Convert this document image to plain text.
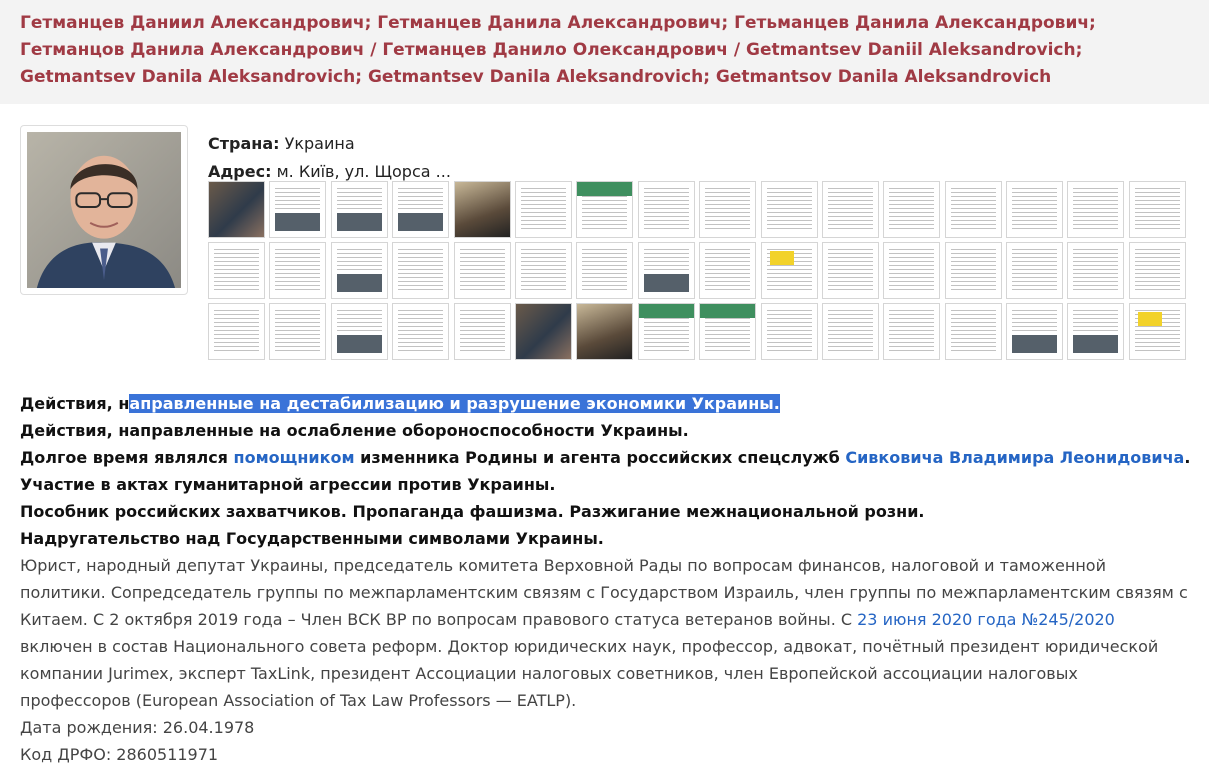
Гетманцев Даниил Александрович; Гетманцев Данила Александрович; Гетьманцев Данила Александрович; Гетманцов Данила Александрович / Гетманцев Данило Олександрович / Getmantsev Daniil Aleksandrovich; Getmantsev Danila Aleksandrovich; Getmantsev Danila Aleksandrovich; Getmantsov Danila Aleksandrovich
Страна: Украина
Адрес: м. Київ, ул. Щорса ...
Действия, направленные на дестабилизацию и разрушение экономики Украины.
Действия, направленные на ослабление обороноспособности Украины.
Долгое время являлся помощником изменника Родины и агента российских спецслужб Сивковича Владимира Леонидовича.
Участие в актах гуманитарной агрессии против Украины.
Пособник российских захватчиков. Пропаганда фашизма. Разжигание межнациональной розни.
Надругательство над Государственными символами Украины.

Юрист, народный депутат Украины, председатель комитета Верховной Рады по вопросам финансов, налоговой и таможенной политики. Сопредседатель группы по межпарламентским связям с Государством Израиль, член группы по межпарламентским связям с Китаем. С 2 октября 2019 года – Член ВСК ВР по вопросам правового статуса ветеранов войны. С 23 июня 2020 года №245/2020 включен в состав Национального совета реформ. Доктор юридических наук, профессор, адвокат, почётный президент юридической компании Jurimex, эксперт TaxLink, президент Ассоциации налоговых советников, член Европейской ассоциации налоговых профессоров (European Association of Tax Law Professors — EATLP).

Дата рождения: 26.04.1978

Код ДРФО: 2860511971
